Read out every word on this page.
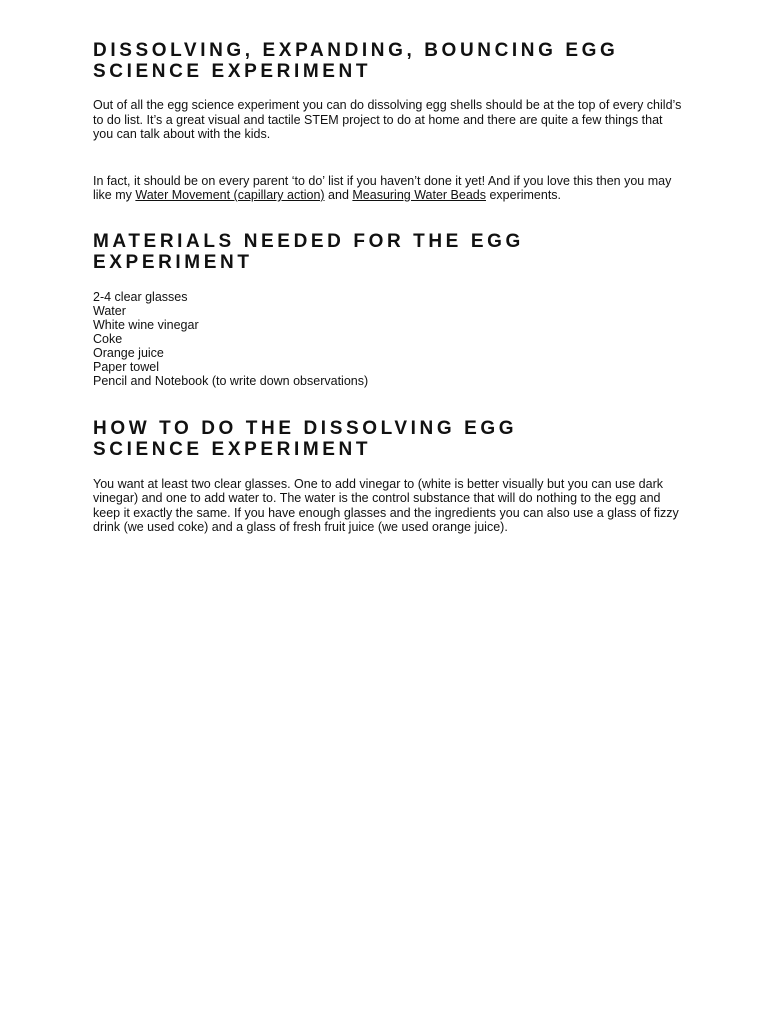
DISSOLVING, EXPANDING, BOUNCING EGG
SCIENCE EXPERIMENT

Out of all the egg science experiment you can do dissolving egg shells should be at the top of every child’s to do list. It’s a great visual and tactile STEM project to do at home and there are quite a few things that you can talk about with the kids.

In fact, it should be on every parent ‘to do’ list if you haven’t done it yet! And if you love this then you may like my Water Movement (capillary action) and Measuring Water Beads experiments.

MATERIALS NEEDED FOR THE EGG EXPERIMENT
2-4 clear glasses
Water
White wine vinegar
Coke
Orange juice
Paper towel
Pencil and Notebook (to write down observations)
HOW TO DO THE DISSOLVING EGG
SCIENCE EXPERIMENT

You want at least two clear glasses. One to add vinegar to (white is better visually but you can use dark vinegar) and one to add water to. The water is the control substance that will do nothing to the egg and keep it exactly the same. If you have enough glasses and the ingredients you can also use a glass of fizzy drink (we used coke) and a glass of fresh fruit juice (we used orange juice).
